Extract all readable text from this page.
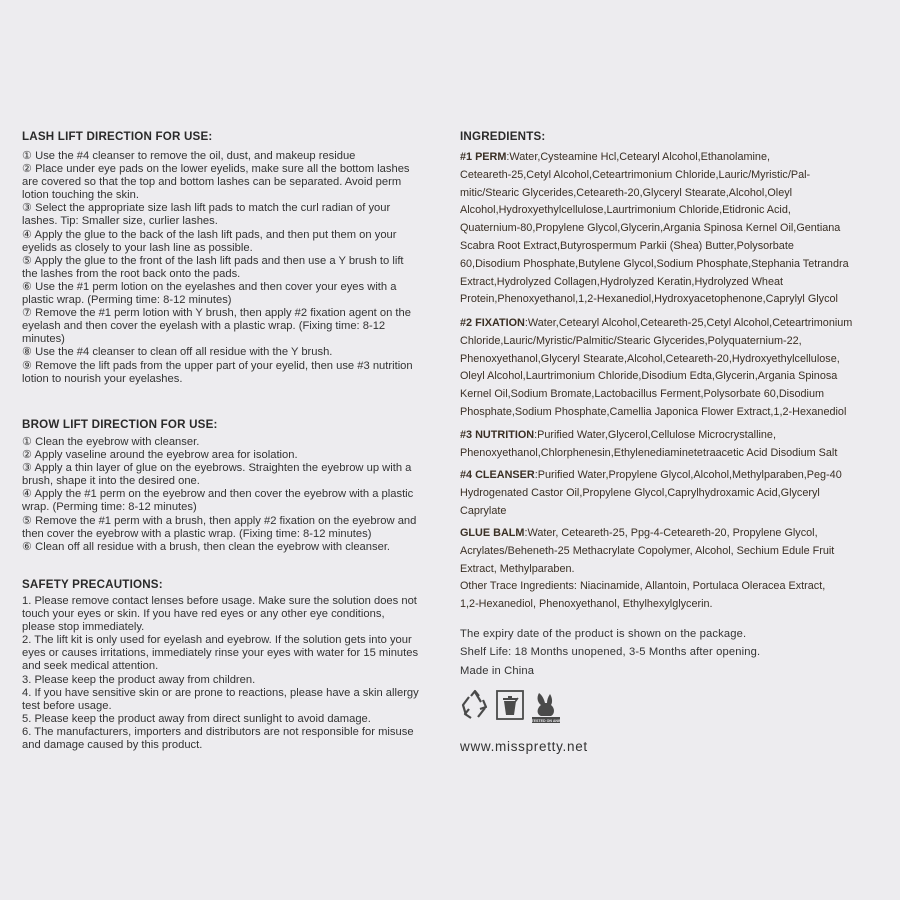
LASH LIFT DIRECTION FOR USE:
① Use the #4 cleanser to remove the oil, dust, and makeup residue
② Place under eye pads on the lower eyelids, make sure all the bottom lashes
are covered so that the top and bottom lashes can be separated. Avoid perm
lotion touching the skin.
③ Select the appropriate size lash lift pads to match the curl radian of your
lashes. Tip: Smaller size, curlier lashes.
④ Apply the glue to the back of the lash lift pads, and then put them on your
eyelids as closely to your lash line as possible.
⑤ Apply the glue to the front of the lash lift pads and then use a Y brush to lift
the lashes from the root back onto the pads.
⑥ Use the #1 perm lotion on the eyelashes and then cover your eyes with a
plastic wrap. (Perming time: 8-12 minutes)
⑦ Remove the #1 perm lotion with Y brush, then apply #2 fixation agent on the
eyelash and then cover the eyelash with a plastic wrap. (Fixing time: 8-12
minutes)
⑧ Use the #4 cleanser to clean off all residue with the Y brush.
⑨ Remove the lift pads from the upper part of your eyelid, then use #3 nutrition
lotion to nourish your eyelashes.
BROW LIFT DIRECTION FOR USE:
① Clean the eyebrow with cleanser.
② Apply vaseline around the eyebrow area for isolation.
③ Apply a thin layer of glue on the eyebrows. Straighten the eyebrow up with a
brush, shape it into the desired one.
④ Apply the #1 perm on the eyebrow and then cover the eyebrow with a plastic
wrap. (Perming time: 8-12 minutes)
⑤ Remove the #1 perm with a brush, then apply #2 fixation on the eyebrow and
then cover the eyebrow with a plastic wrap. (Fixing time: 8-12 minutes)
⑥ Clean off all residue with a brush, then clean the eyebrow with cleanser.
SAFETY PRECAUTIONS:
1. Please remove contact lenses before usage. Make sure the solution does not
touch your eyes or skin. If you have red eyes or any other eye conditions,
please stop immediately.
2. The lift kit is only used for eyelash and eyebrow. If the solution gets into your
eyes or causes irritations, immediately rinse your eyes with water for 15 minutes
and seek medical attention.
3. Please keep the product away from children.
4. If you have sensitive skin or are prone to reactions, please have a skin allergy
test before usage.
5. Please keep the product away from direct sunlight to avoid damage.
6. The manufacturers, importers and distributors are not responsible for misuse
and damage caused by this product.
INGREDIENTS:
#1 PERM:Water,Cysteamine Hcl,Cetearyl Alcohol,Ethanolamine,
Ceteareth-25,Cetyl Alcohol,Ceteartrimonium Chloride,Lauric/Myristic/Pal-
mitic/Stearic Glycerides,Ceteareth-20,Glyceryl Stearate,Alcohol,Oleyl
Alcohol,Hydroxyethylcellulose,Laurtrimonium Chloride,Etidronic Acid,
Quaternium-80,Propylene Glycol,Glycerin,Argania Spinosa Kernel Oil,Gentiana
Scabra Root Extract,Butyrospermum Parkii (Shea) Butter,Polysorbate
60,Disodium Phosphate,Butylene Glycol,Sodium Phosphate,Stephania Tetrandra
Extract,Hydrolyzed Collagen,Hydrolyzed Keratin,Hydrolyzed Wheat
Protein,Phenoxyethanol,1,2-Hexanediol,Hydroxyacetophenone,Caprylyl Glycol
#2 FIXATION:Water,Cetearyl Alcohol,Ceteareth-25,Cetyl Alcohol,Ceteartrimonium
Chloride,Lauric/Myristic/Palmitic/Stearic Glycerides,Polyquaternium-22,
Phenoxyethanol,Glyceryl Stearate,Alcohol,Ceteareth-20,Hydroxyethylcellulose,
Oleyl Alcohol,Laurtrimonium Chloride,Disodium Edta,Glycerin,Argania Spinosa
Kernel Oil,Sodium Bromate,Lactobacillus Ferment,Polysorbate 60,Disodium
Phosphate,Sodium Phosphate,Camellia Japonica Flower Extract,1,2-Hexanediol
#3 NUTRITION:Purified Water,Glycerol,Cellulose Microcrystalline,
Phenoxyethanol,Chlorphenesin,Ethylenediaminetetraacetic Acid Disodium Salt
#4 CLEANSER:Purified Water,Propylene Glycol,Alcohol,Methylparaben,Peg-40
Hydrogenated Castor Oil,Propylene Glycol,Caprylhydroxamic Acid,Glyceryl
Caprylate
GLUE BALM:Water, Ceteareth-25, Ppg-4-Ceteareth-20, Propylene Glycol,
Acrylates/Beheneth-25 Methacrylate Copolymer, Alcohol, Sechium Edule Fruit
Extract, Methylparaben.
Other Trace Ingredients: Niacinamide, Allantoin, Portulaca Oleracea Extract,
1,2-Hexanediol, Phenoxyethanol, Ethylhexylglycerin.
The expiry date of the product is shown on the package.
Shelf Life: 18 Months unopened, 3-5 Months after opening.
Made in China
NOT TESTED ON ANIMALS
www.misspretty.net
